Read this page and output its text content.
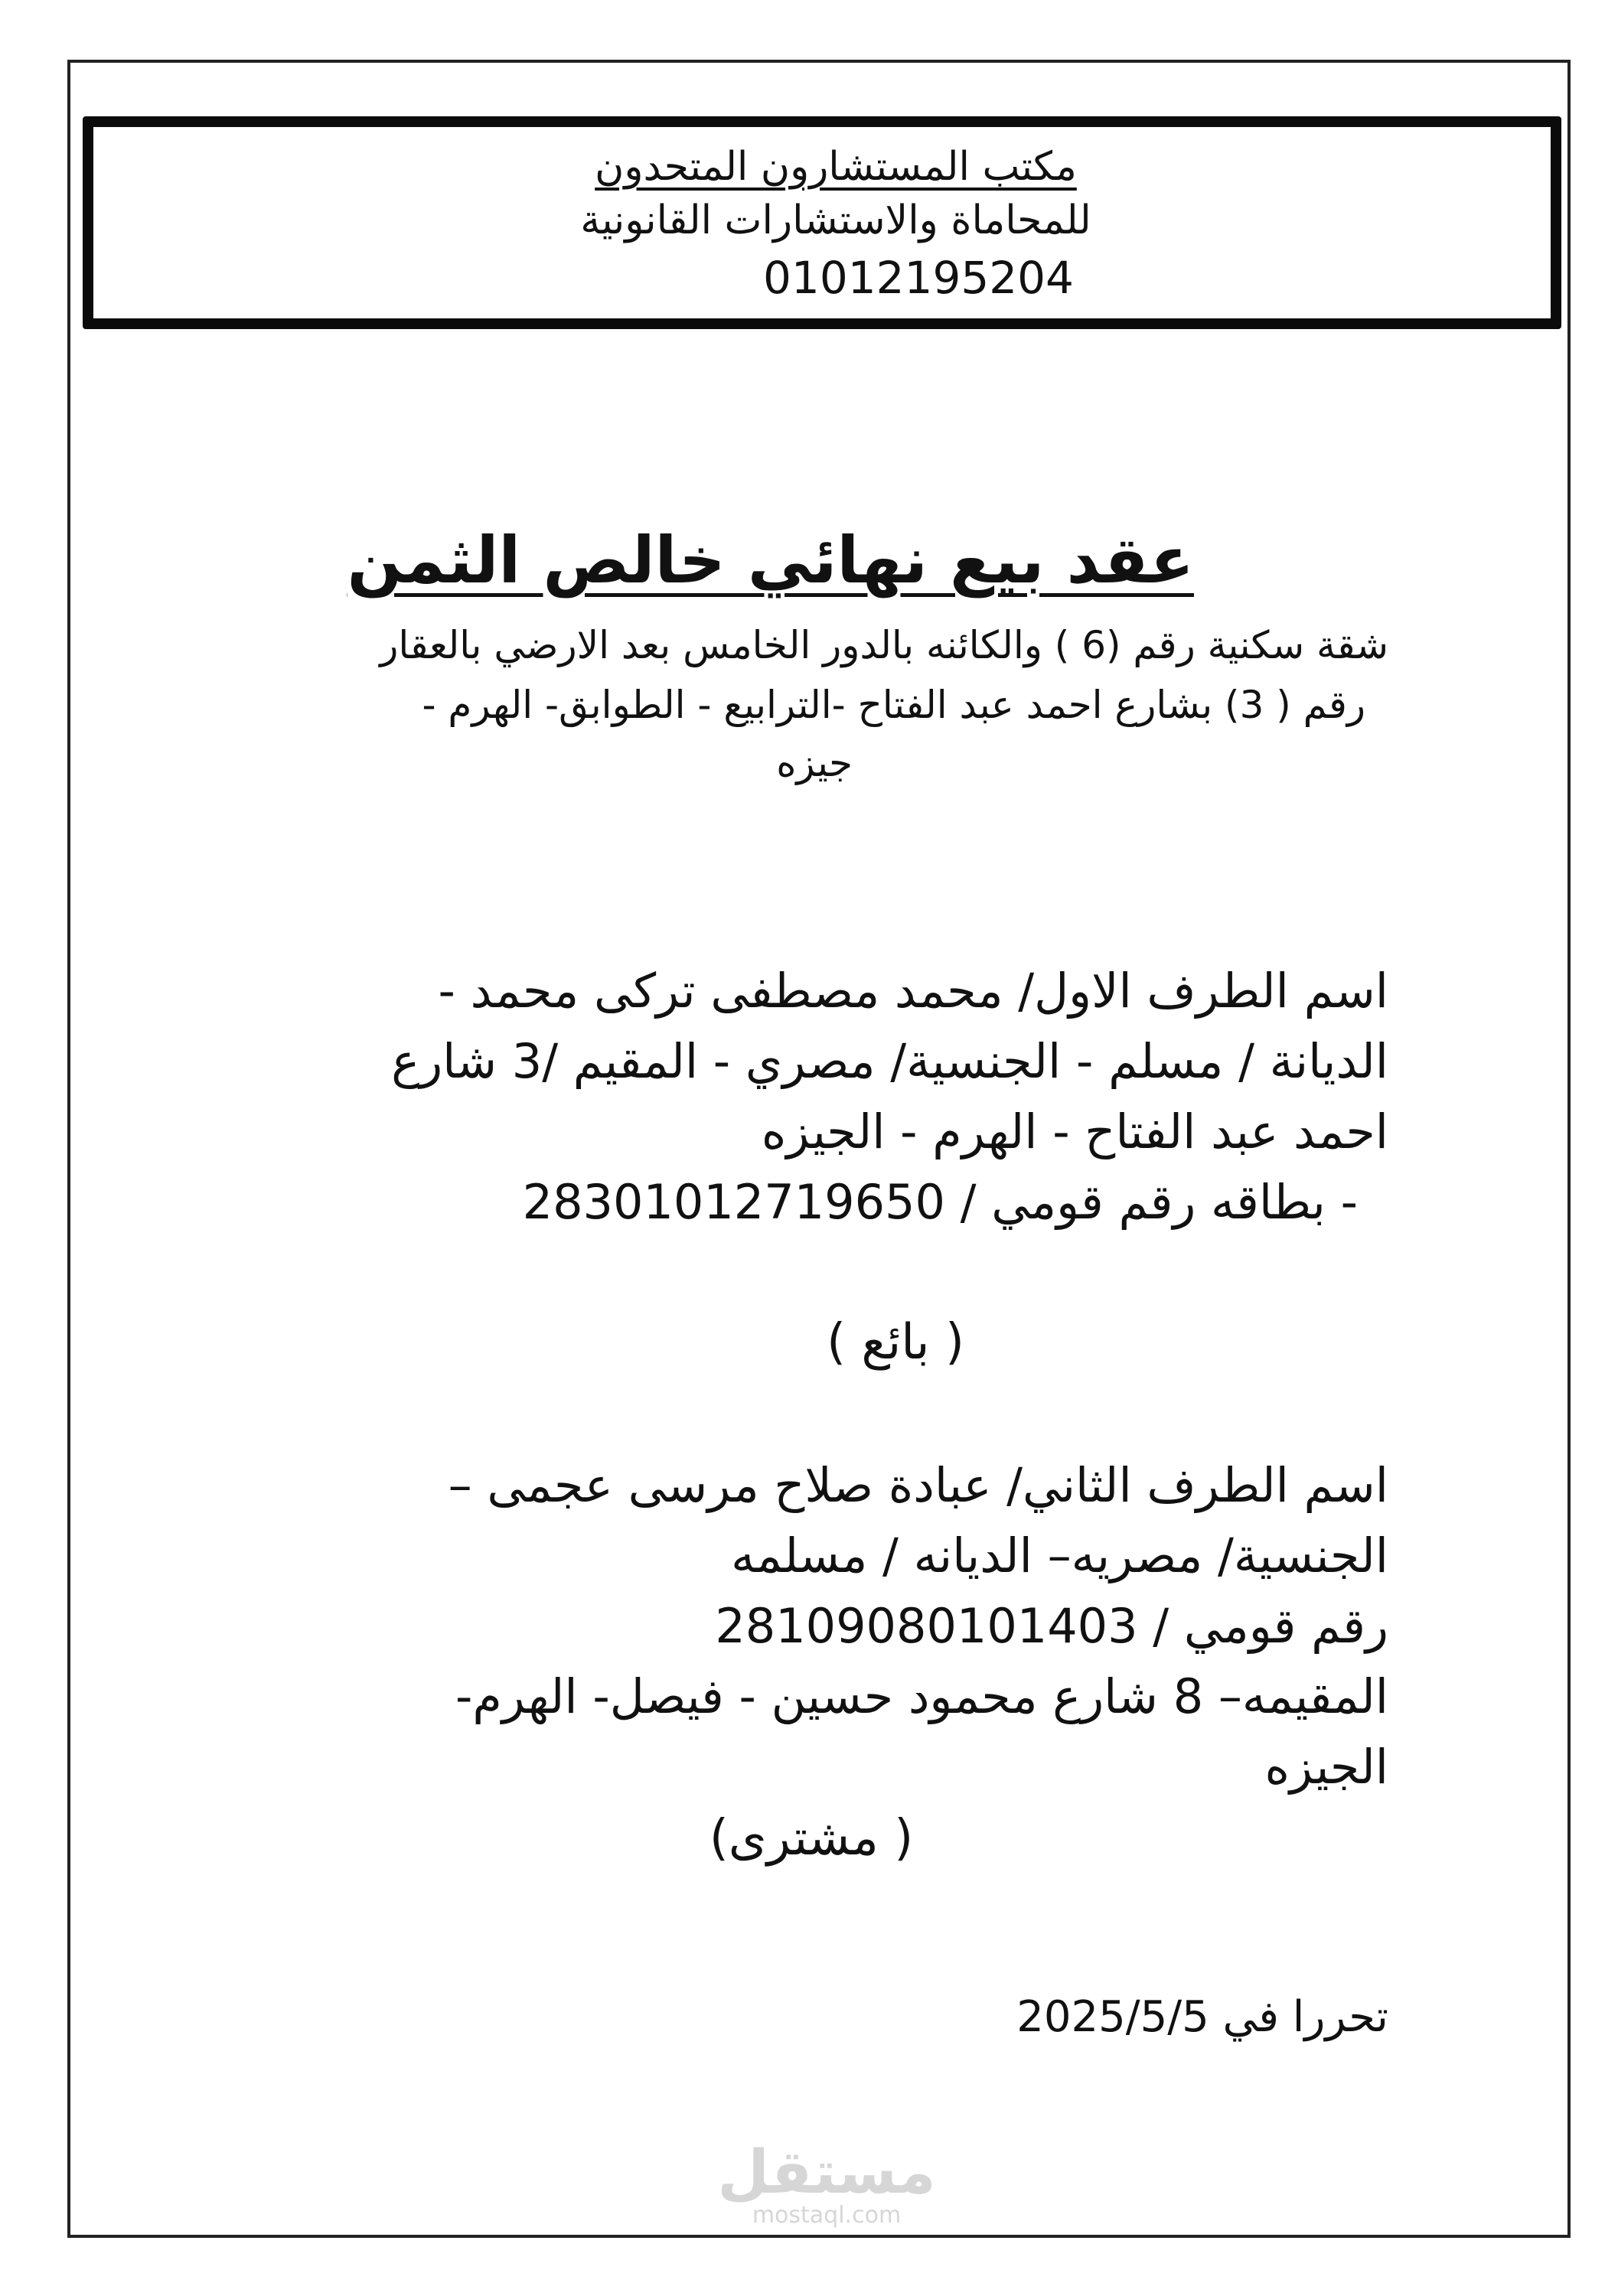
مكتب المستشارون المتحدون
للمحاماة والاستشارات القانونية
01012195204
عقد بيع نهائي خالص الثمن
شقة سكنية رقم (6 ) والكائنه بالدور الخامس بعد الارضي بالعقار
رقم ( 3) بشارع احمد عبد الفتاح -الترابيع - الطوابق- الهرم -
جيزه
اسم الطرف الاول/ محمد مصطفى تركى محمد -
الديانة / مسلم - الجنسية/ مصري - المقيم /3 شارع
احمد عبد الفتاح - الهرم - الجيزه
- بطاقه رقم قومي / 28301012719650
( بائع )
اسم الطرف الثاني/ عبادة صلاح مرسى عجمى –
الجنسية/ مصريه– الديانه / مسلمه
رقم قومي / 28109080101403
المقيمه– 8 شارع محمود حسين - فيصل- الهرم-
الجيزه
( مشترى)
تحررا في 2025/5/5
مستقل
mostaql.com
